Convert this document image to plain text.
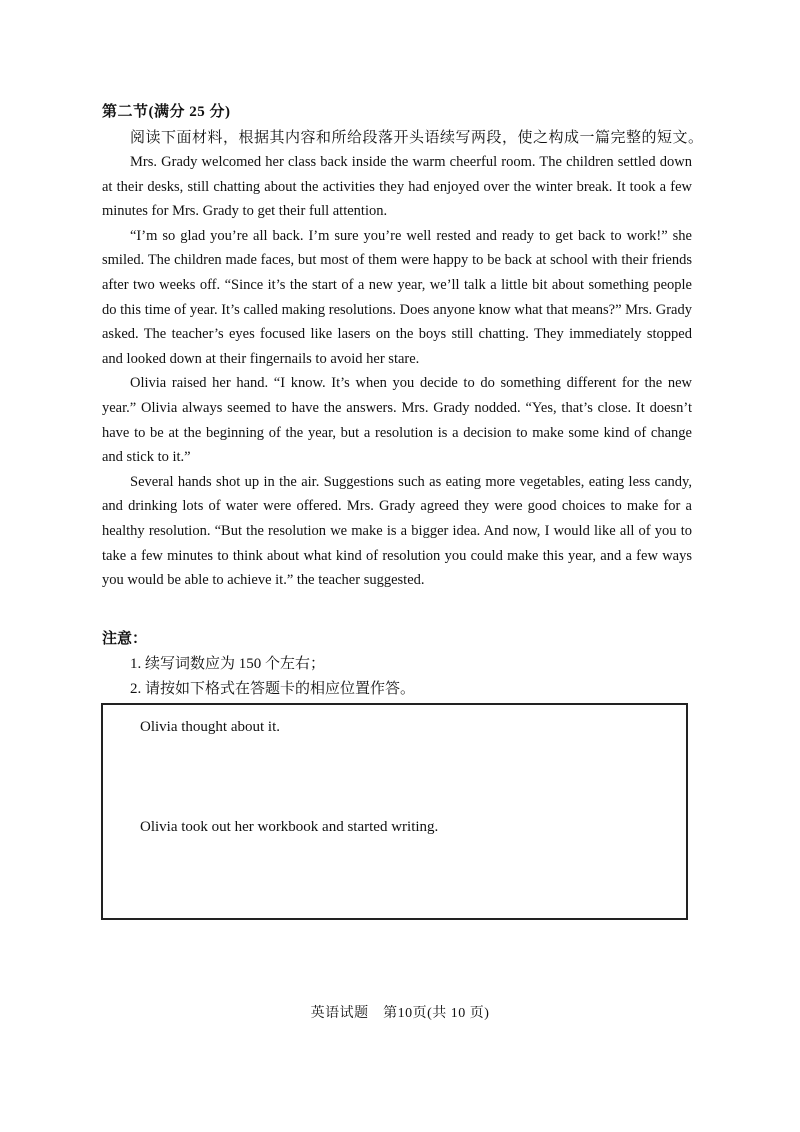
第二节(满分 25 分)
阅读下面材料，根据其内容和所给段落开头语续写两段，使之构成一篇完整的短文。

Mrs. Grady welcomed her class back inside the warm cheerful room. The children settled down at their desks, still chatting about the activities they had enjoyed over the winter break. It took a few minutes for Mrs. Grady to get their full attention.

“I’m so glad you’re all back. I’m sure you’re well rested and ready to get back to work!” she smiled. The children made faces, but most of them were happy to be back at school with their friends after two weeks off. “Since it’s the start of a new year, we’ll talk a little bit about something people do this time of year. It’s called making resolutions. Does anyone know what that means?” Mrs. Grady asked. The teacher’s eyes focused like lasers on the boys still chatting. They immediately stopped and looked down at their fingernails to avoid her stare.

Olivia raised her hand. “I know. It’s when you decide to do something different for the new year.” Olivia always seemed to have the answers. Mrs. Grady nodded. “Yes, that’s close. It doesn’t have to be at the beginning of the year, but a resolution is a decision to make some kind of change and stick to it.”

Several hands shot up in the air. Suggestions such as eating more vegetables, eating less candy, and drinking lots of water were offered. Mrs. Grady agreed they were good choices to make for a healthy resolution. “But the resolution we make is a bigger idea. And now, I would like all of you to take a few minutes to think about what kind of resolution you could make this year, and a few ways you would be able to achieve it.” the teacher suggested.

注意：
1. 续写词数应为 150 个左右；
2. 请按如下格式在答题卡的相应位置作答。
Olivia thought about it.
Olivia took out her workbook and started writing.
英语试题　第10页(共 10 页)
